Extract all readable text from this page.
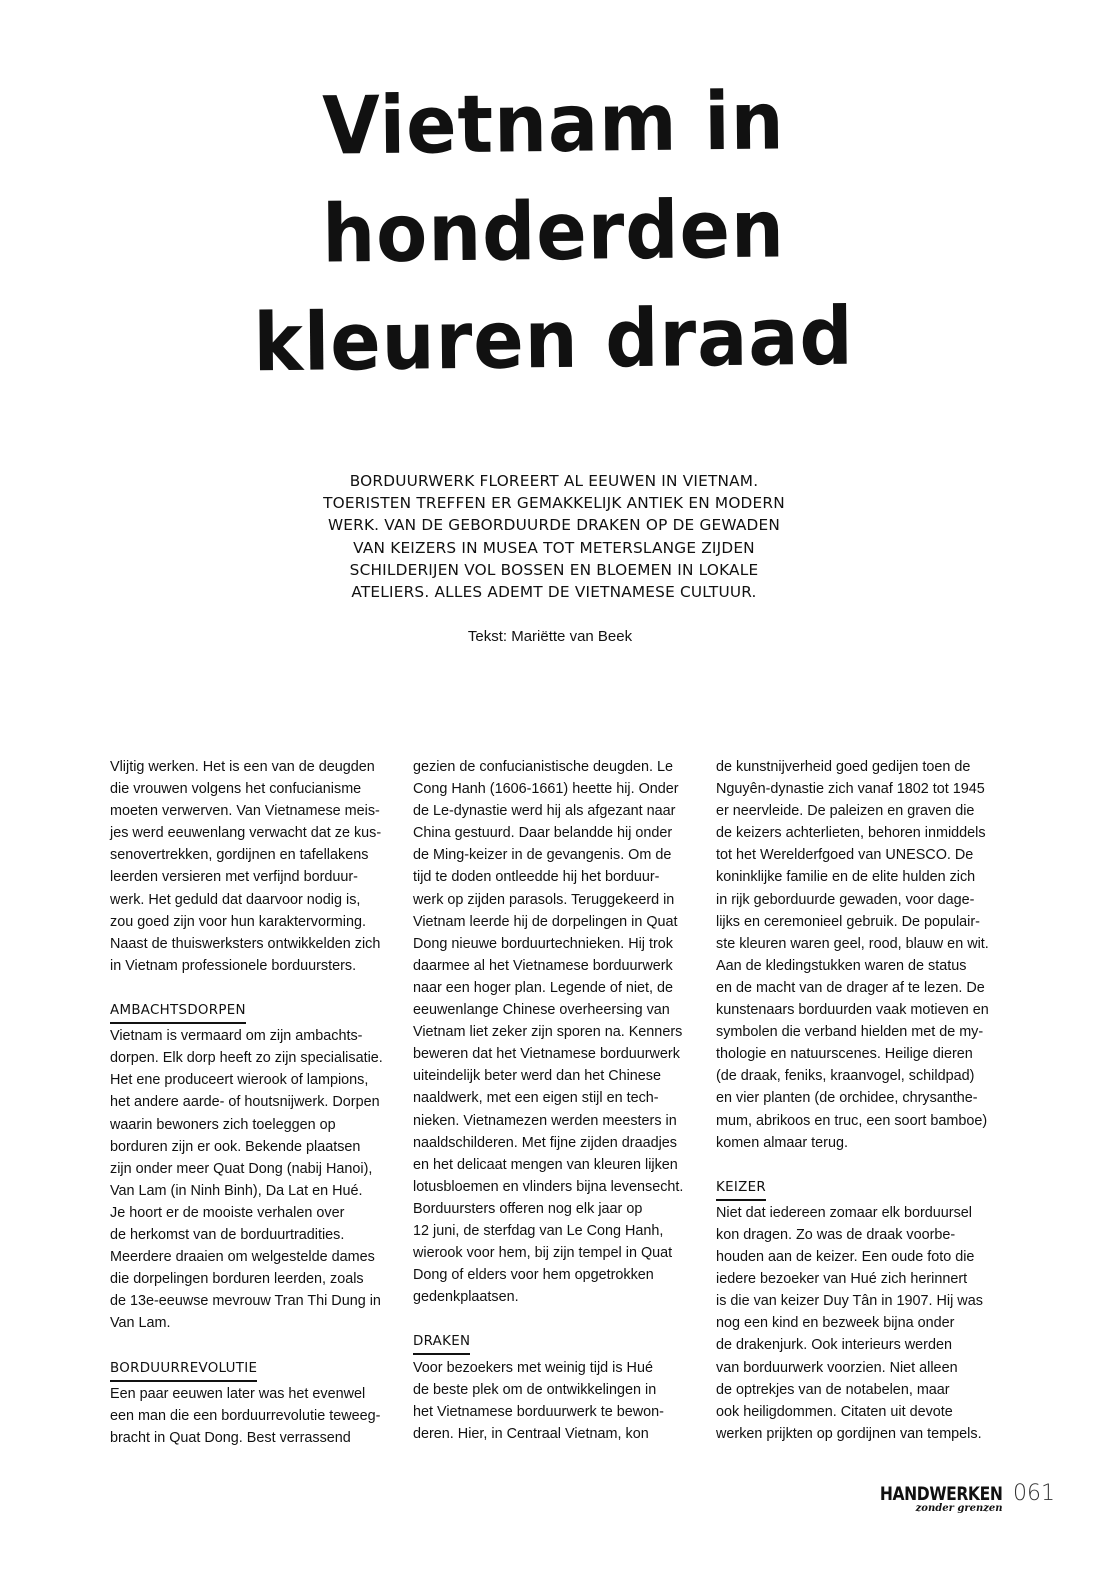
Vietnam in
honderden
kleuren draad
BORDUURWERK FLOREERT AL EEUWEN IN VIETNAM.
TOERISTEN TREFFEN ER GEMAKKELIJK ANTIEK EN MODERN
WERK. VAN DE GEBORDUURDE DRAKEN OP DE GEWADEN
VAN KEIZERS IN MUSEA TOT METERSLANGE ZIJDEN
SCHILDERIJEN VOL BOSSEN EN BLOEMEN IN LOKALE
ATELIERS. ALLES ADEMT DE VIETNAMESE CULTUUR.
Tekst: Mariëtte van Beek
Vlijtig werken. Het is een van de deugden
die vrouwen volgens het confucianisme
moeten verwerven. Van Vietnamese meis-
jes werd eeuwenlang verwacht dat ze kus-
senovertrekken, gordijnen en tafellakens
leerden versieren met verfijnd borduur-
werk. Het geduld dat daarvoor nodig is,
zou goed zijn voor hun karaktervorming.
Naast de thuiswerksters ontwikkelden zich
in Vietnam professionele borduursters.
AMBACHTSDORPEN
Vietnam is vermaard om zijn ambachts-
dorpen. Elk dorp heeft zo zijn specialisatie.
Het ene produceert wierook of lampions,
het andere aarde- of houtsnijwerk. Dorpen
waarin bewoners zich toeleggen op
borduren zijn er ook. Bekende plaatsen
zijn onder meer Quat Dong (nabij Hanoi),
Van Lam (in Ninh Binh), Da Lat en Hué.
Je hoort er de mooiste verhalen over
de herkomst van de borduurtradities.
Meerdere draaien om welgestelde dames
die dorpelingen borduren leerden, zoals
de 13e-eeuwse mevrouw Tran Thi Dung in
Van Lam.
BORDUURREVOLUTIE
Een paar eeuwen later was het evenwel
een man die een borduurrevolutie teweeg-
bracht in Quat Dong. Best verrassend
gezien de confucianistische deugden. Le
Cong Hanh (1606-1661) heette hij. Onder
de Le-dynastie werd hij als afgezant naar
China gestuurd. Daar belandde hij onder
de Ming-keizer in de gevangenis. Om de
tijd te doden ontleedde hij het borduur-
werk op zijden parasols. Teruggekeerd in
Vietnam leerde hij de dorpelingen in Quat
Dong nieuwe borduurtechnieken. Hij trok
daarmee al het Vietnamese borduurwerk
naar een hoger plan. Legende of niet, de
eeuwenlange Chinese overheersing van
Vietnam liet zeker zijn sporen na. Kenners
beweren dat het Vietnamese borduurwerk
uiteindelijk beter werd dan het Chinese
naaldwerk, met een eigen stijl en tech-
nieken. Vietnamezen werden meesters in
naaldschilderen. Met fijne zijden draadjes
en het delicaat mengen van kleuren lijken
lotusbloemen en vlinders bijna levensecht.
Borduursters offeren nog elk jaar op
12 juni, de sterfdag van Le Cong Hanh,
wierook voor hem, bij zijn tempel in Quat
Dong of elders voor hem opgetrokken
gedenkplaatsen.
DRAKEN
Voor bezoekers met weinig tijd is Hué
de beste plek om de ontwikkelingen in
het Vietnamese borduurwerk te bewon-
deren. Hier, in Centraal Vietnam, kon
de kunstnijverheid goed gedijen toen de
Nguyên-dynastie zich vanaf 1802 tot 1945
er neervleide. De paleizen en graven die
de keizers achterlieten, behoren inmiddels
tot het Werelderfgoed van UNESCO. De
koninklijke familie en de elite hulden zich
in rijk geborduurde gewaden, voor dage-
lijks en ceremonieel gebruik. De populair-
ste kleuren waren geel, rood, blauw en wit.
Aan de kledingstukken waren de status
en de macht van de drager af te lezen. De
kunstenaars borduurden vaak motieven en
symbolen die verband hielden met de my-
thologie en natuurscenes. Heilige dieren
(de draak, feniks, kraanvogel, schildpad)
en vier planten (de orchidee, chrysanthe-
mum, abrikoos en truc, een soort bamboe)
komen almaar terug.
KEIZER
Niet dat iedereen zomaar elk borduursel
kon dragen. Zo was de draak voorbe-
houden aan de keizer. Een oude foto die
iedere bezoeker van Hué zich herinnert
is die van keizer Duy Tân in 1907. Hij was
nog een kind en bezweek bijna onder
de drakenjurk. Ook interieurs werden
van borduurwerk voorzien. Niet alleen
de optrekjes van de notabelen, maar
ook heiligdommen. Citaten uit devote
werken prijkten op gordijnen van tempels.
HANDWERKEN
zonder grenzen
061
